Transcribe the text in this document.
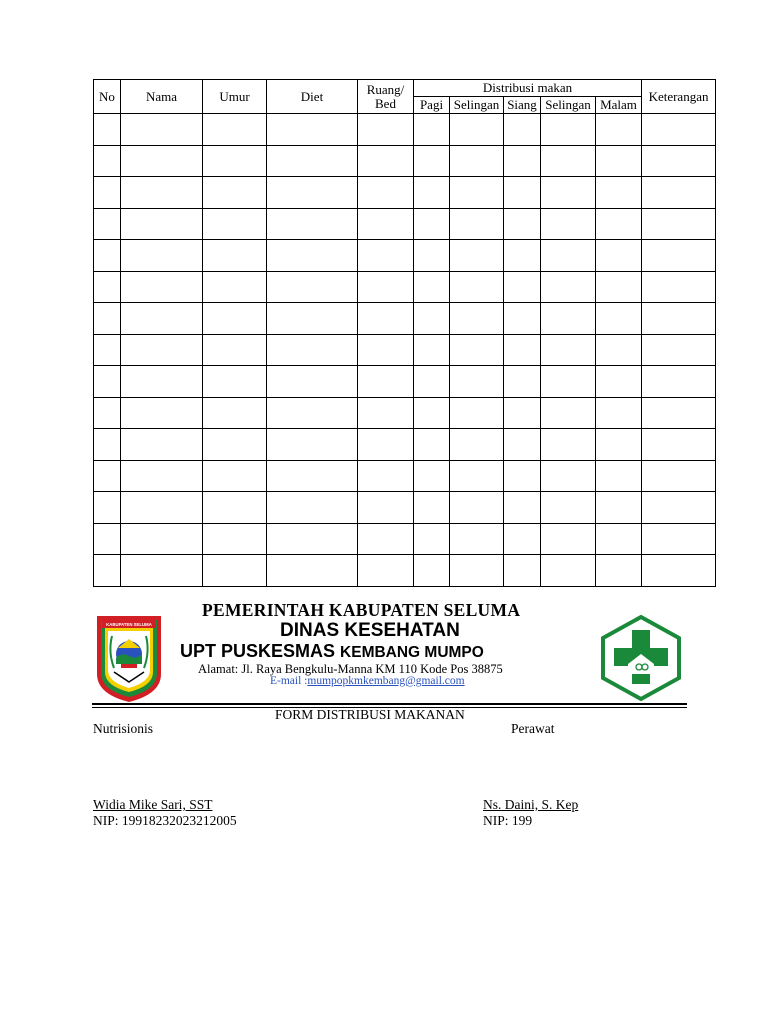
No	Nama	Umur	Diet	Ruang/ Bed	Distribusi makan					Keterangan
					Pagi	Selingan	Siang	Selingan	Malam	

KABUPATEN SELUMA
PEMERINTAH KABUPATEN SELUMA
DINAS KESEHATAN
UPT PUSKESMAS KEMBANG MUMPO
Alamat: Jl. Raya Bengkulu-Manna KM 110 Kode Pos 38875
E-mail :mumpopkmkembang@gmail.com
FORM DISTRIBUSI MAKANAN
Nutrisionis	Perawat
Widia Mike Sari, SST
NIP: 19918232023212005
Ns. Daini, S. Kep
NIP: 199
